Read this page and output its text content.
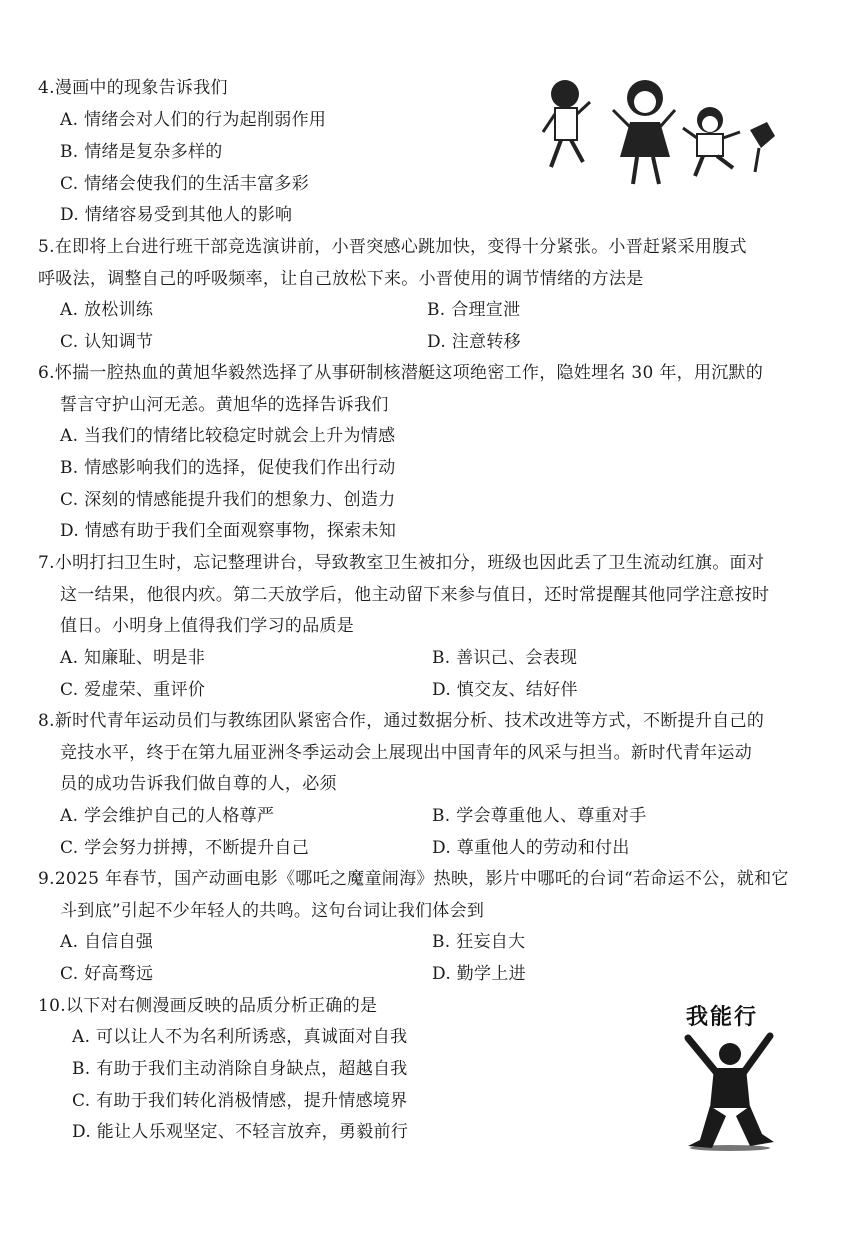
4.漫画中的现象告诉我们
A. 情绪会对人们的行为起削弱作用
B. 情绪是复杂多样的
C. 情绪会使我们的生活丰富多彩
D. 情绪容易受到其他人的影响
5.在即将上台进行班干部竞选演讲前，小晋突感心跳加快，变得十分紧张。小晋赶紧采用腹式
呼吸法，调整自己的呼吸频率，让自己放松下来。小晋使用的调节情绪的方法是
A. 放松训练	B. 合理宣泄
C. 认知调节	D. 注意转移
6.怀揣一腔热血的黄旭华毅然选择了从事研制核潜艇这项绝密工作，隐姓埋名 30 年，用沉默的
誓言守护山河无恙。黄旭华的选择告诉我们
A. 当我们的情绪比较稳定时就会上升为情感
B. 情感影响我们的选择，促使我们作出行动
C. 深刻的情感能提升我们的想象力、创造力
D. 情感有助于我们全面观察事物，探索未知
7.小明打扫卫生时，忘记整理讲台，导致教室卫生被扣分，班级也因此丢了卫生流动红旗。面对
这一结果，他很内疚。第二天放学后，他主动留下来参与值日，还时常提醒其他同学注意按时
值日。小明身上值得我们学习的品质是
A. 知廉耻、明是非	B. 善识己、会表现
C. 爱虚荣、重评价	D. 慎交友、结好伴
8.新时代青年运动员们与教练团队紧密合作，通过数据分析、技术改进等方式，不断提升自己的
竞技水平，终于在第九届亚洲冬季运动会上展现出中国青年的风采与担当。新时代青年运动
员的成功告诉我们做自尊的人，必须
A. 学会维护自己的人格尊严	B. 学会尊重他人、尊重对手
C. 学会努力拼搏，不断提升自己	D. 尊重他人的劳动和付出
9.2025 年春节，国产动画电影《哪吒之魔童闹海》热映，影片中哪吒的台词“若命运不公，就和它
斗到底”引起不少年轻人的共鸣。这句台词让我们体会到
A. 自信自强	B. 狂妄自大
C. 好高骛远	D. 勤学上进
10.以下对右侧漫画反映的品质分析正确的是
A. 可以让人不为名利所诱惑，真诚面对自我
B. 有助于我们主动消除自身缺点，超越自我
C. 有助于我们转化消极情感，提升情感境界
D. 能让人乐观坚定、不轻言放弃，勇毅前行
我能行
